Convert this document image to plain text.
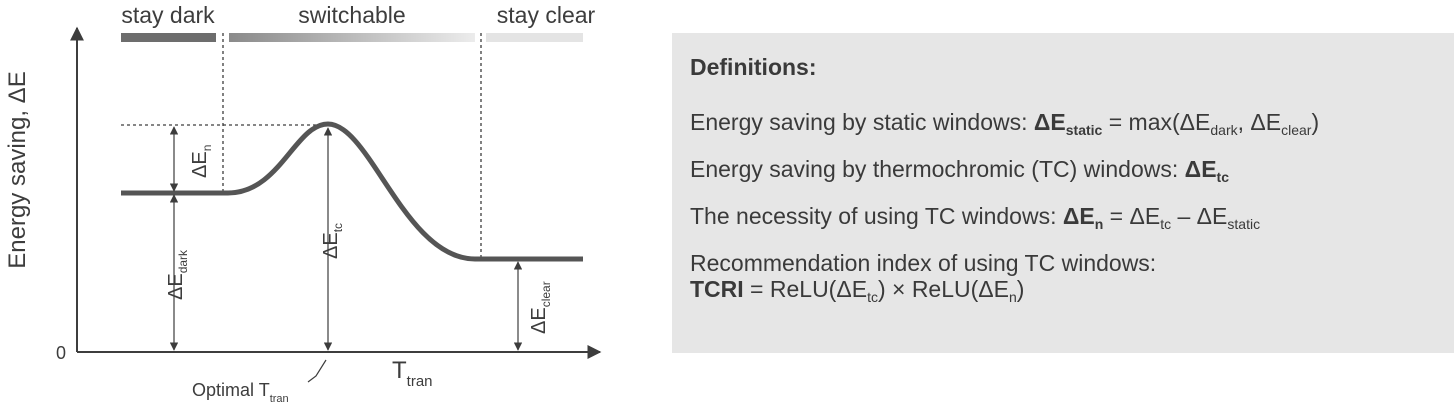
stay dark	switchable	stay clear
$\Delta E_{dark}$
$\Delta E_n$
$\Delta E_{tc}$
$\Delta E_{clear}$
Energy saving, ΔE
0
$T_{tran}$
Optimal $T_{tran}$
Definitions:
Energy saving by static windows: $\Delta E_{static} = \max(\Delta E_{dark}$, $\Delta E_{clear}$)
Energy saving by thermochromic (TC) windows: $\Delta E_{tc}$
The necessity of using TC windows: $\Delta E_n = \Delta E_{tc} - \Delta E_{static}$
Recommendation index of using TC windows:
TCRI = $ReLU(\Delta E_{tc})$ × $ReLU(\Delta E_n)$
